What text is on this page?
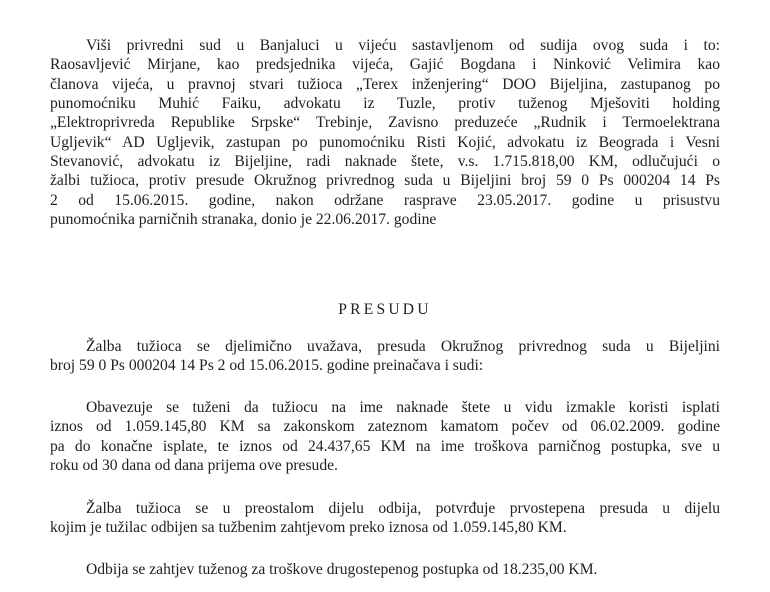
Viši privredni sud u Banjaluci u vijeću sastavljenom od sudija ovog suda i to:
Raosavljević Mirjane, kao predsjednika vijeća, Gajić Bogdana i Ninković Velimira kao
članova vijeća, u pravnoj stvari tužioca „Terex inženjering“ DOO Bijeljina, zastupanog po
punomoćniku Muhić Faiku, advokatu iz Tuzle, protiv tuženog Mješoviti holding
„Elektroprivreda Republike Srpske“ Trebinje, Zavisno preduzeće „Rudnik i Termoelektrana
Ugljevik“ AD Ugljevik, zastupan po punomoćniku Risti Kojić, advokatu iz Beograda i Vesni
Stevanović, advokatu iz Bijeljine, radi naknade štete, v.s. 1.715.818,00 KM, odlučujući o
žalbi tužioca, protiv presude Okružnog privrednog suda u Bijeljini broj 59 0 Ps 000204 14 Ps
2 od 15.06.2015. godine, nakon održane rasprave 23.05.2017. godine u prisustvu
punomoćnika parničnih stranaka, donio je 22.06.2017. godine
PRESUDU
Žalba tužioca se djelimično uvažava, presuda Okružnog privrednog suda u Bijeljini
broj 59 0 Ps 000204 14 Ps 2 od 15.06.2015. godine preinačava i sudi:
Obavezuje se tuženi da tužiocu na ime naknade štete u vidu izmakle koristi isplati
iznos od 1.059.145,80 KM sa zakonskom zateznom kamatom počev od 06.02.2009. godine
pa do konačne isplate, te iznos od 24.437,65 KM na ime troškova parničnog postupka, sve u
roku od 30 dana od dana prijema ove presude.
Žalba tužioca se u preostalom dijelu odbija, potvrđuje prvostepena presuda u dijelu
kojim je tužilac odbijen sa tužbenim zahtjevom preko iznosa od 1.059.145,80 KM.
Odbija se zahtjev tuženog za troškove drugostepenog postupka od 18.235,00 KM.
